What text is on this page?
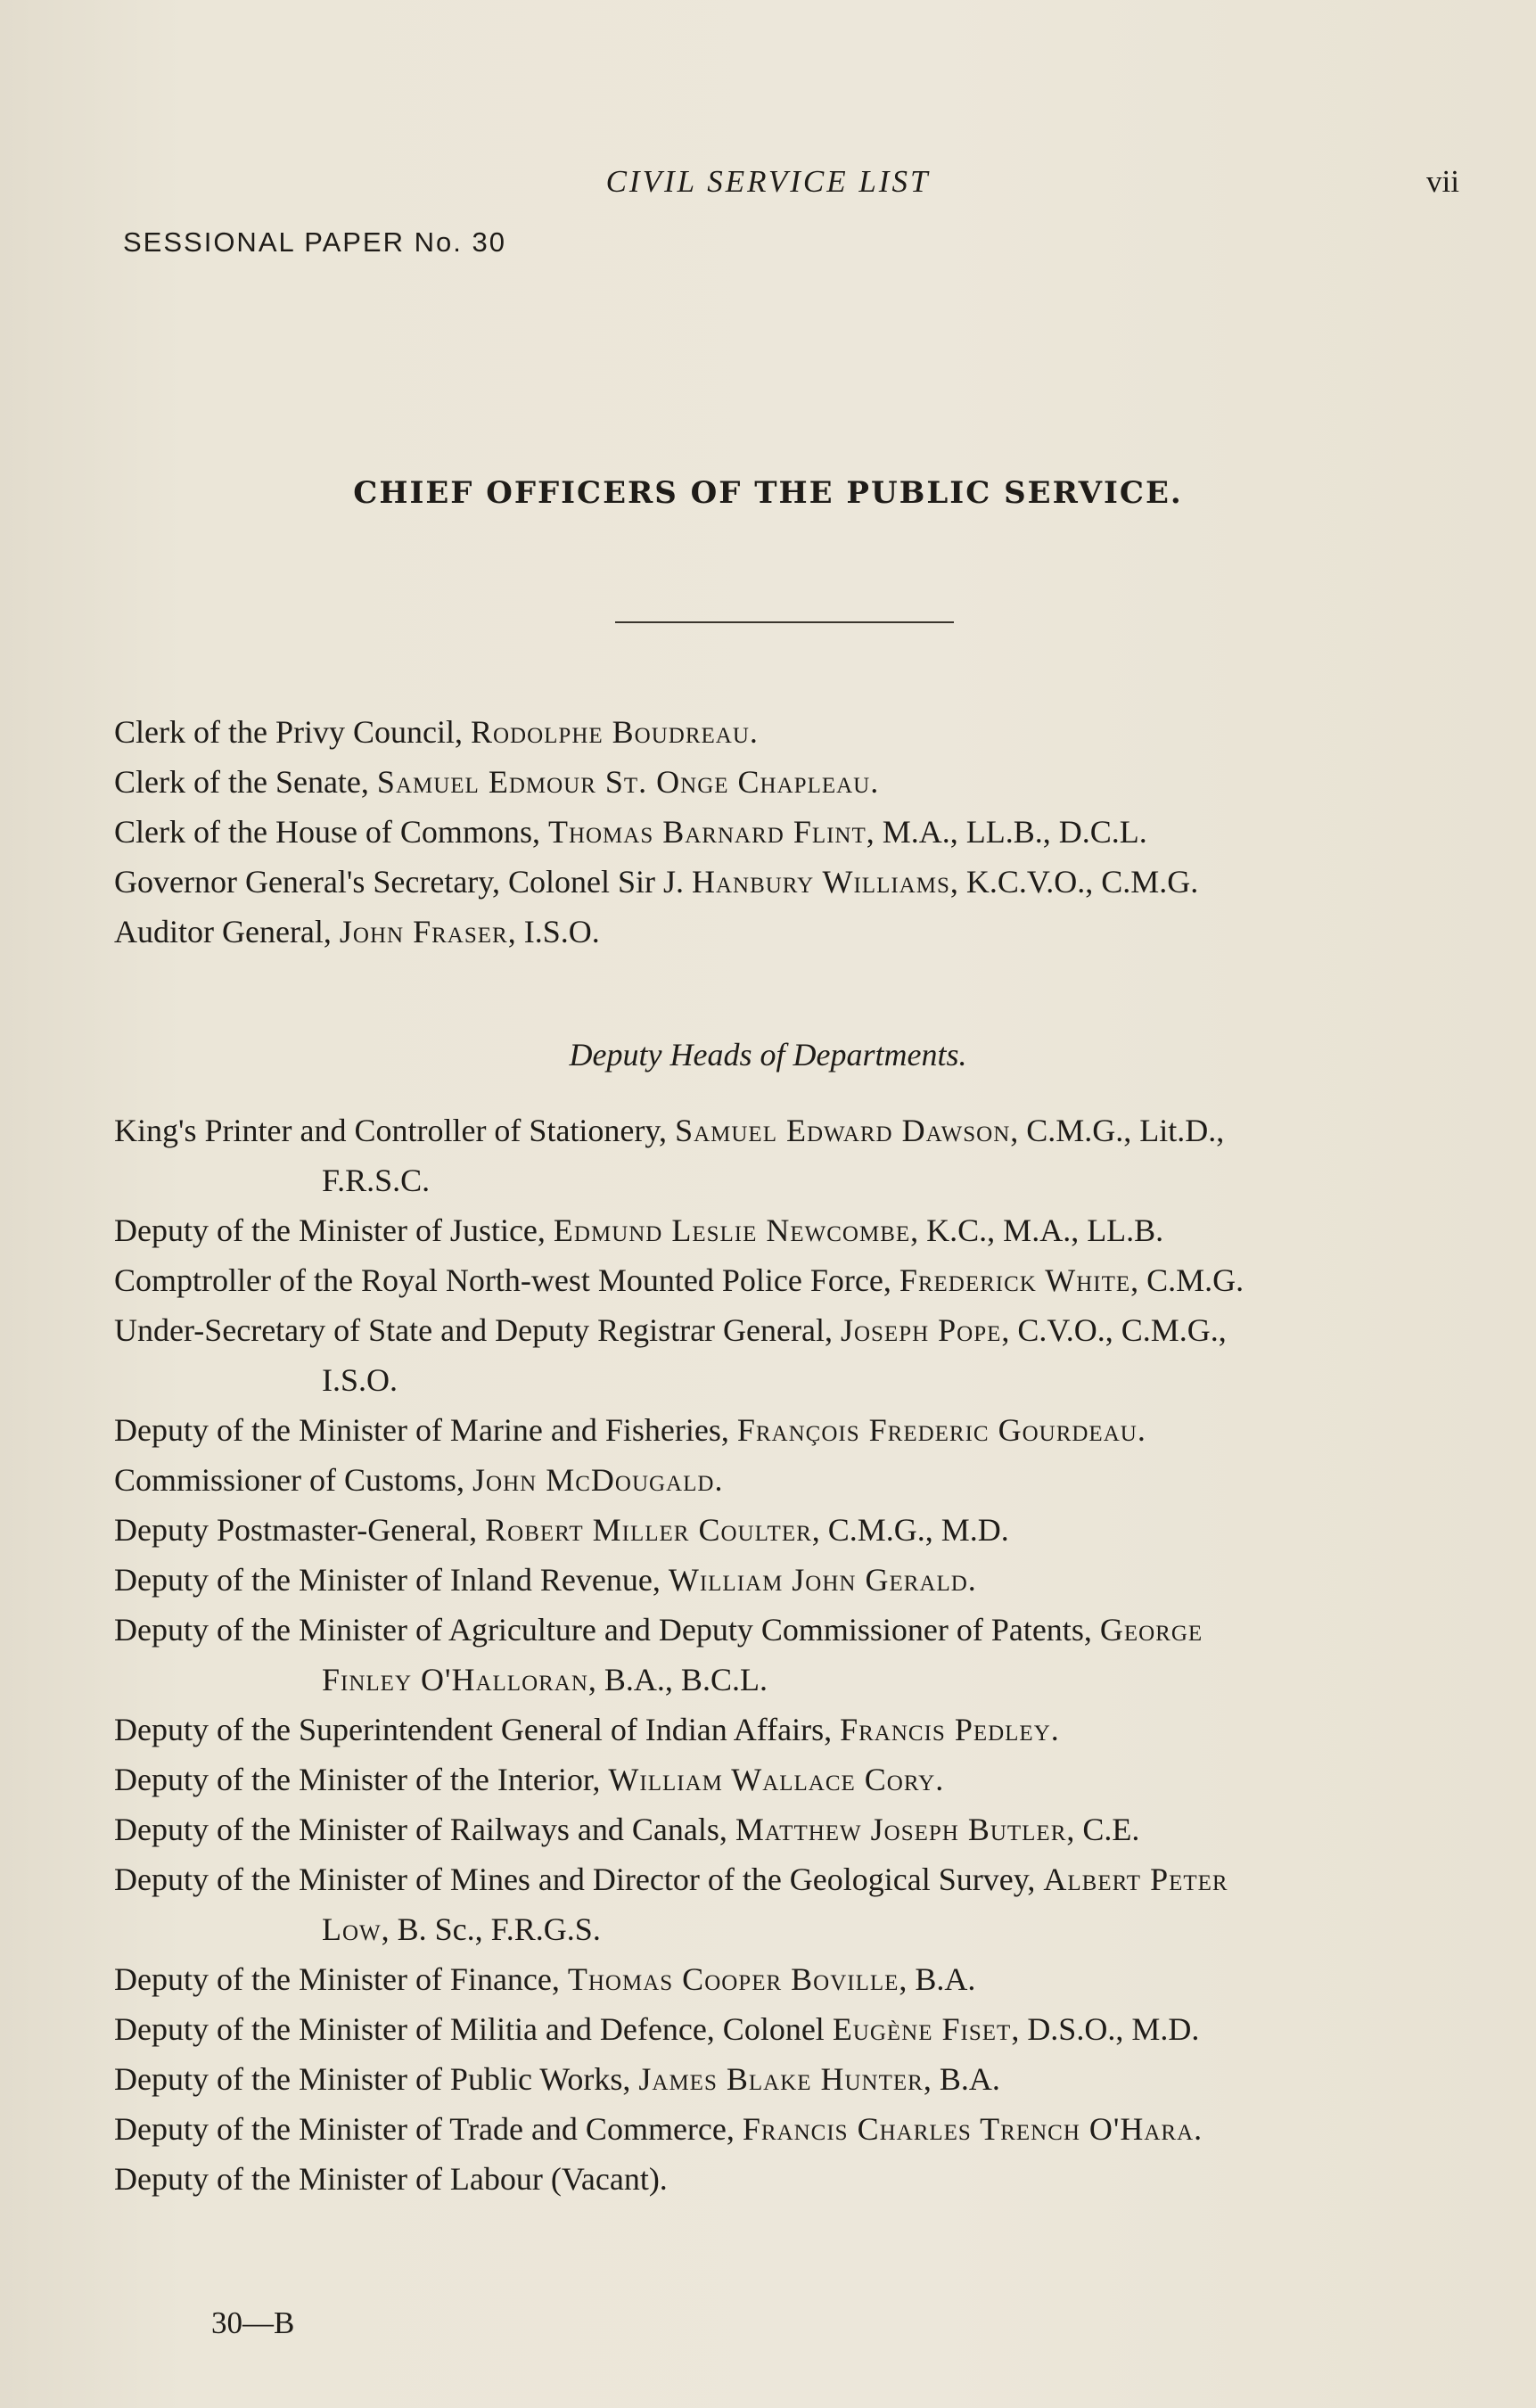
CIVIL SERVICE LIST	vii
SESSIONAL PAPER No. 30
CHIEF OFFICERS OF THE PUBLIC SERVICE.
Clerk of the Privy Council, Rodolphe Boudreau.
Clerk of the Senate, Samuel Edmour St. Onge Chapleau.
Clerk of the House of Commons, Thomas Barnard Flint, M.A., LL.B., D.C.L.
Governor General's Secretary, Colonel Sir J. Hanbury Williams, K.C.V.O., C.M.G.
Auditor General, John Fraser, I.S.O.
Deputy Heads of Departments.
King's Printer and Controller of Stationery, Samuel Edward Dawson, C.M.G., Lit.D.,
F.R.S.C.
Deputy of the Minister of Justice, Edmund Leslie Newcombe, K.C., M.A., LL.B.
Comptroller of the Royal North-west Mounted Police Force, Frederick White, C.M.G.
Under-Secretary of State and Deputy Registrar General, Joseph Pope, C.V.O., C.M.G.,
I.S.O.
Deputy of the Minister of Marine and Fisheries, François Frederic Gourdeau.
Commissioner of Customs, John McDougald.
Deputy Postmaster-General, Robert Miller Coulter, C.M.G., M.D.
Deputy of the Minister of Inland Revenue, William John Gerald.
Deputy of the Minister of Agriculture and Deputy Commissioner of Patents, George
Finley O'Halloran, B.A., B.C.L.
Deputy of the Superintendent General of Indian Affairs, Francis Pedley.
Deputy of the Minister of the Interior, William Wallace Cory.
Deputy of the Minister of Railways and Canals, Matthew Joseph Butler, C.E.
Deputy of the Minister of Mines and Director of the Geological Survey, Albert Peter
Low, B. Sc., F.R.G.S.
Deputy of the Minister of Finance, Thomas Cooper Boville, B.A.
Deputy of the Minister of Militia and Defence, Colonel Eugène Fiset, D.S.O., M.D.
Deputy of the Minister of Public Works, James Blake Hunter, B.A.
Deputy of the Minister of Trade and Commerce, Francis Charles Trench O'Hara.
Deputy of the Minister of Labour (Vacant).
30—B
